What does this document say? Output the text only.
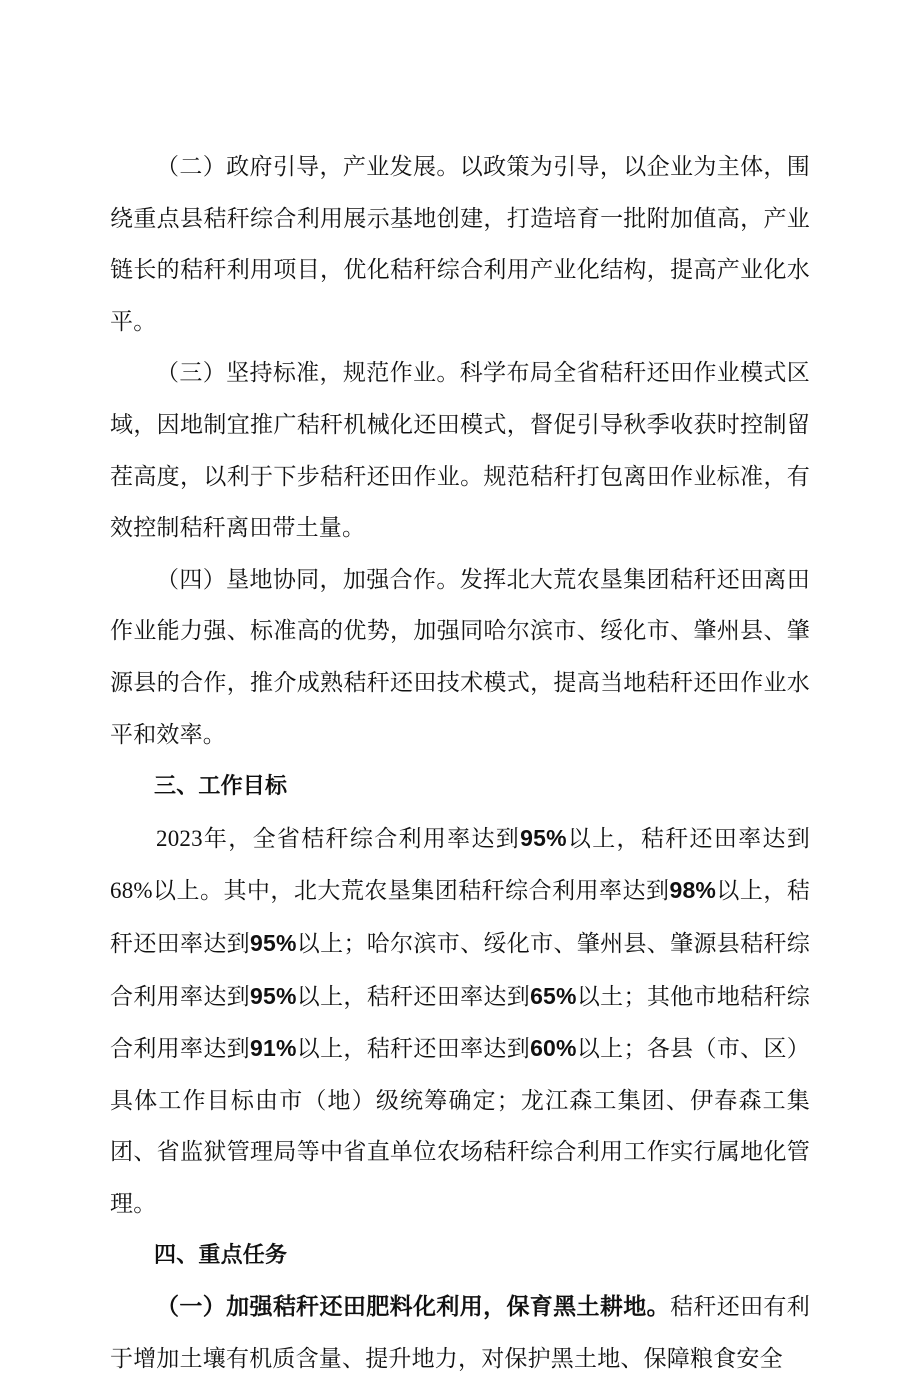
（二）政府引导，产业发展。以政策为引导，以企业为主体，围绕重点县秸秆综合利用展示基地创建，打造培育一批附加值高，产业链长的秸秆利用项目，优化秸秆综合利用产业化结构，提高产业化水平。

（三）坚持标准，规范作业。科学布局全省秸秆还田作业模式区域，因地制宜推广秸秆机械化还田模式，督促引导秋季收获时控制留茬高度，以利于下步秸秆还田作业。规范秸秆打包离田作业标准，有效控制秸秆离田带土量。

（四）垦地协同，加强合作。发挥北大荒农垦集团秸秆还田离田作业能力强、标准高的优势，加强同哈尔滨市、绥化市、肇州县、肇源县的合作，推介成熟秸秆还田技术模式，提高当地秸秆还田作业水平和效率。

三、工作目标

2023年，全省桔秆综合利用率达到95%以上，秸秆还田率达到68%以上。其中，北大荒农垦集团秸秆综合利用率达到98%以上，秸秆还田率达到95%以上；哈尔滨市、绥化市、肇州县、肇源县秸秆综合利用率达到95%以上，秸秆还田率达到65%以土；其他市地秸秆综合利用率达到91%以上，秸秆还田率达到60%以上；各县（市、区）具体工作目标由市（地）级统筹确定；龙江森工集团、伊春森工集团、省监狱管理局等中省直单位农场秸秆综合利用工作实行属地化管理。

四、重点任务

（一）加强秸秆还田肥料化利用，保育黑土耕地。秸秆还田有利于增加土壤有机质含量、提升地力，对保护黑土地、保障粮食安全
